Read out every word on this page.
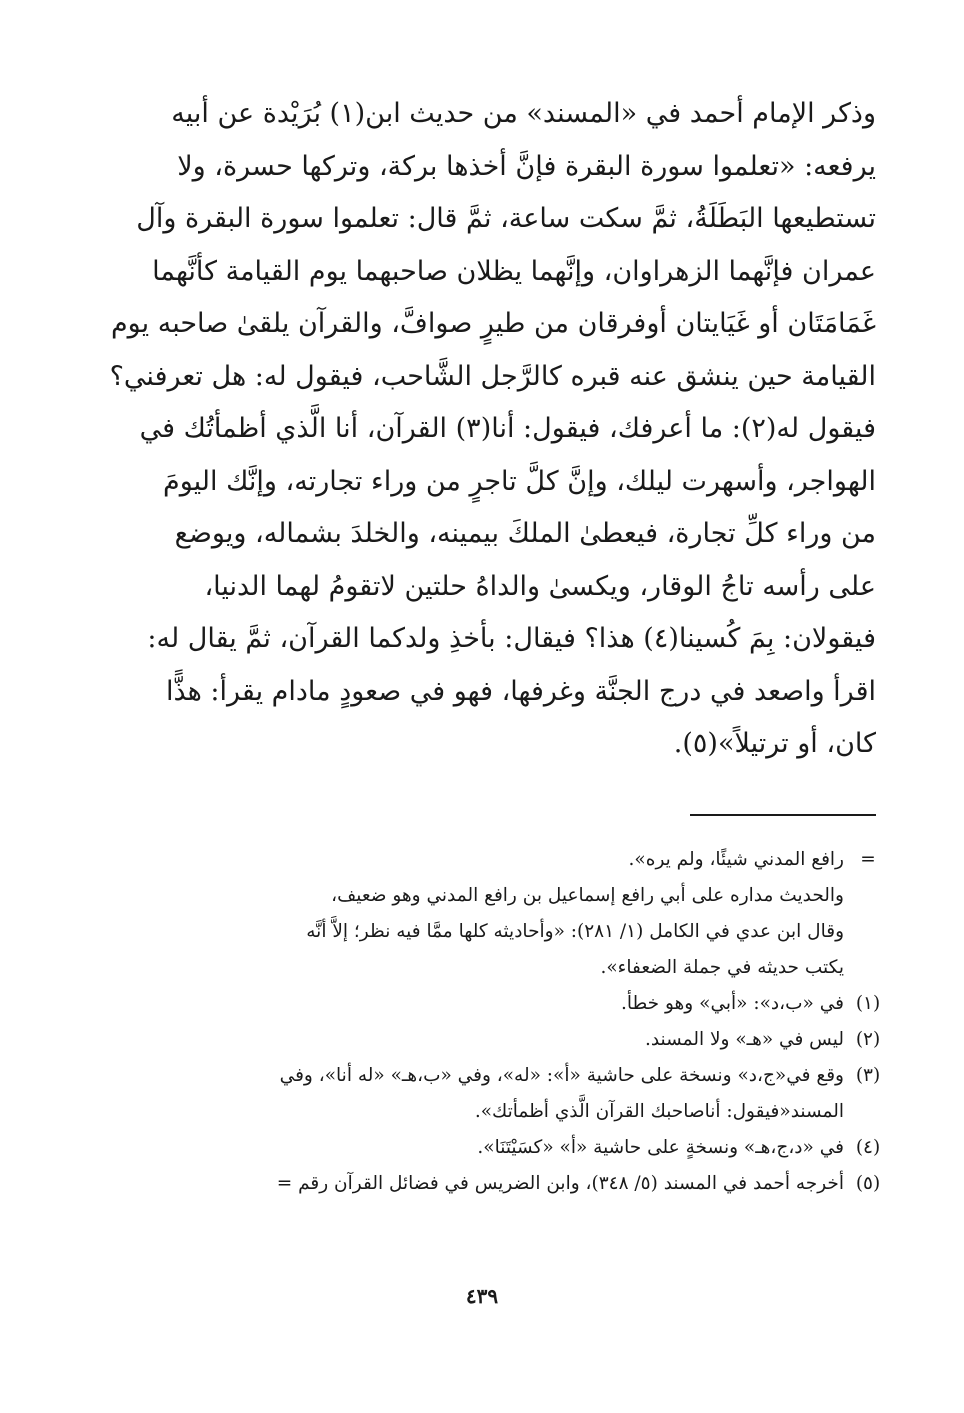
وذكر الإمام أحمد في «المسند» من حديث ابن(١) بُرَيْدة عن أبيه

يرفعه: «تعلموا سورة البقرة فإنَّ أخذها بركة، وتركها حسرة، ولا

تستطيعها البَطَلَةُ، ثمَّ سكت ساعة، ثمَّ قال: تعلموا سورة البقرة وآل

عمران فإنَّهما الزهراوان، وإنَّهما يظلان صاحبهما يوم القيامة كأنَّهما

غَمَامَتَان أو غَيَايتان أوفرقان من طيرٍ صوافَّ، والقرآن يلقىٰ صاحبه يوم

القيامة حين ينشق عنه قبره كالرَّجل الشَّاحب، فيقول له: هل تعرفني؟

فيقول له(٢): ما أعرفك، فيقول: أنا(٣) القرآن، أنا الَّذي أظمأتُك في

الهواجر، وأسهرت ليلك، وإنَّ كلَّ تاجرٍ من وراء تجارته، وإنَّك اليومَ

من وراء كلِّ تجارة، فيعطىٰ الملكَ بيمينه، والخلدَ بشماله، ويوضع

على رأسه تاجُ الوقار، ويكسىٰ والداهُ حلتين لاتقومُ لهما الدنيا،

فيقولان: بِمَ كُسينا(٤) هذا؟ فيقال: بأخذِ ولدكما القرآن، ثمَّ يقال له:

اقرأ واصعد في درج الجنَّة وغرفها، فهو في صعودٍ مادام يقرأ: هذًّا

كان، أو ترتيلاً»(٥).

=
رافع المدني شيئًا، ولم يره».
والحديث مداره على أبي رافع إسماعيل بن رافع المدني وهو ضعيف،
وقال ابن عدي في الكامل (١/ ٢٨١): «وأحاديثه كلها ممَّا فيه نظر؛ إلاَّ أنَّه
يكتب حديثه في جملة الضعفاء».
(١)
في «ب،د»: «أبي» وهو خطأ.
(٢)
ليس في «هـ» ولا المسند.
(٣)
وقع في«ج،د» ونسخة على حاشية «أ»: «له»، وفي «ب،هـ» «له أنا»، وفي
المسند«فيقول: أناصاحبك القرآن الَّذي أظمأتك».
(٤)
في «د،ج،هـ» ونسخةٍ على حاشية «أ» «كسَيْتَنَا».
(٥)
أخرجه أحمد في المسند (٥/ ٣٤٨)، وابن الضريس في فضائل القرآن رقم =
٤٣٩
